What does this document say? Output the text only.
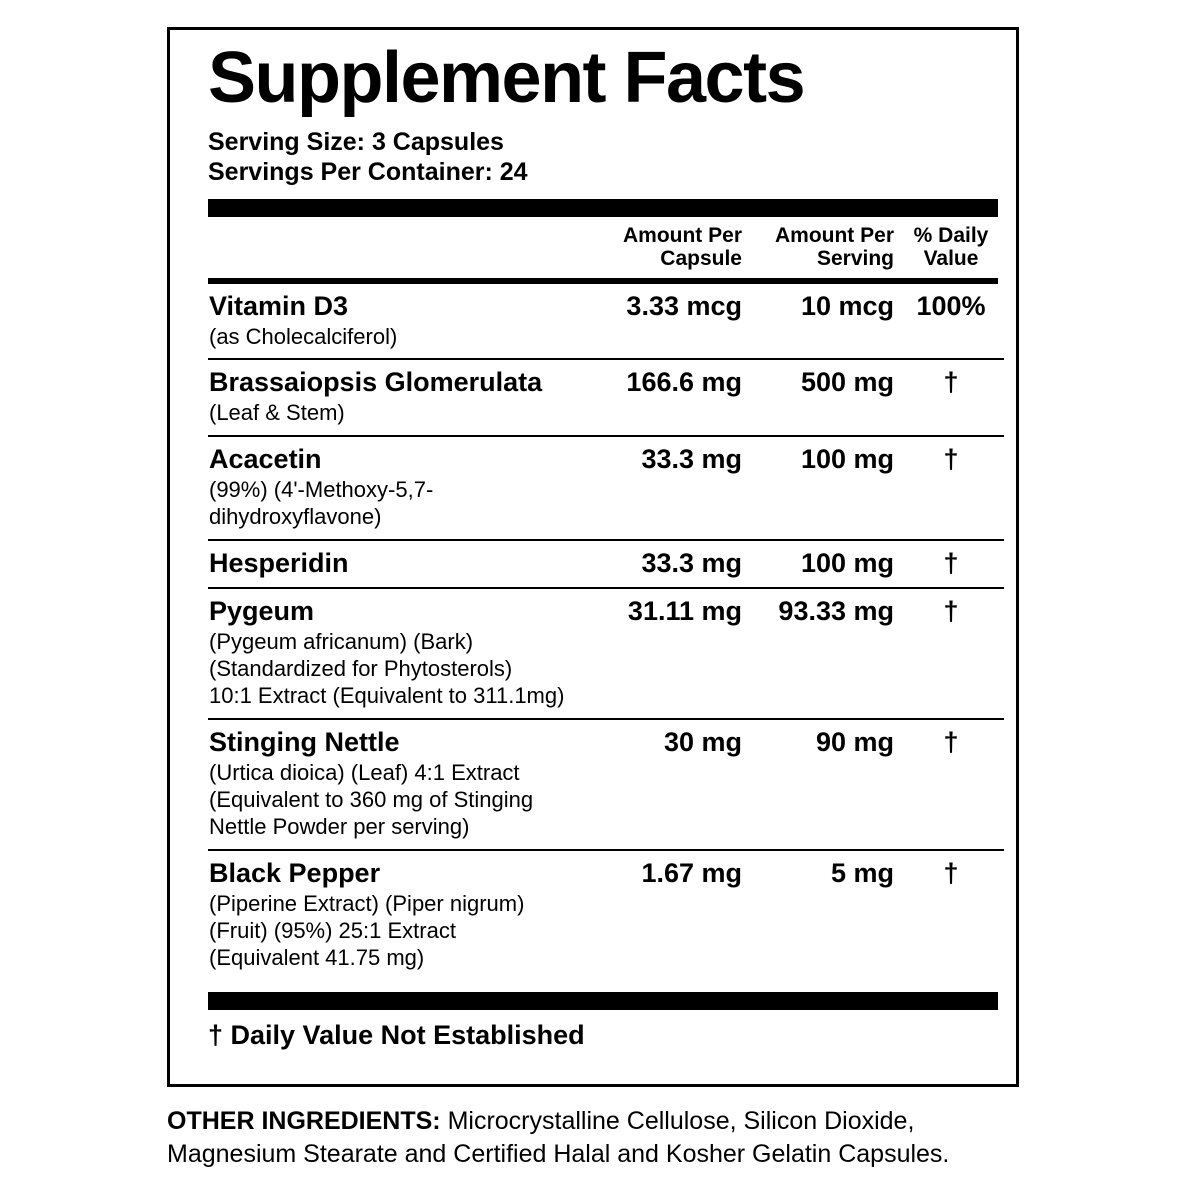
Supplement Facts
Serving Size: 3 Capsules
Servings Per Container: 24
	Amount Per Capsule	Amount Per Serving	% Daily Value
Vitamin D3
(as Cholecalciferol)	3.33 mcg	10 mcg	100%

Brassaiopsis Glomerulata
(Leaf & Stem)	166.6 mg	500 mg	†

Acacetin
(99%) (4'-Methoxy-5,7-dihydroxyflavone)	33.3 mg	100 mg	†

Hesperidin	33.3 mg	100 mg	†

Pygeum
(Pygeum africanum) (Bark)
(Standardized for Phytosterols)
10:1 Extract (Equivalent to 311.1mg)	31.11 mg	93.33 mg	†

Stinging Nettle
(Urtica dioica) (Leaf) 4:1 Extract
(Equivalent to 360 mg of Stinging
Nettle Powder per serving)	30 mg	90 mg	†

Black Pepper
(Piperine Extract) (Piper nigrum)
(Fruit) (95%) 25:1 Extract
(Equivalent 41.75 mg)	1.67 mg	5 mg	†
† Daily Value Not Established
OTHER INGREDIENTS: Microcrystalline Cellulose, Silicon Dioxide, Magnesium Stearate and Certified Halal and Kosher Gelatin Capsules.
